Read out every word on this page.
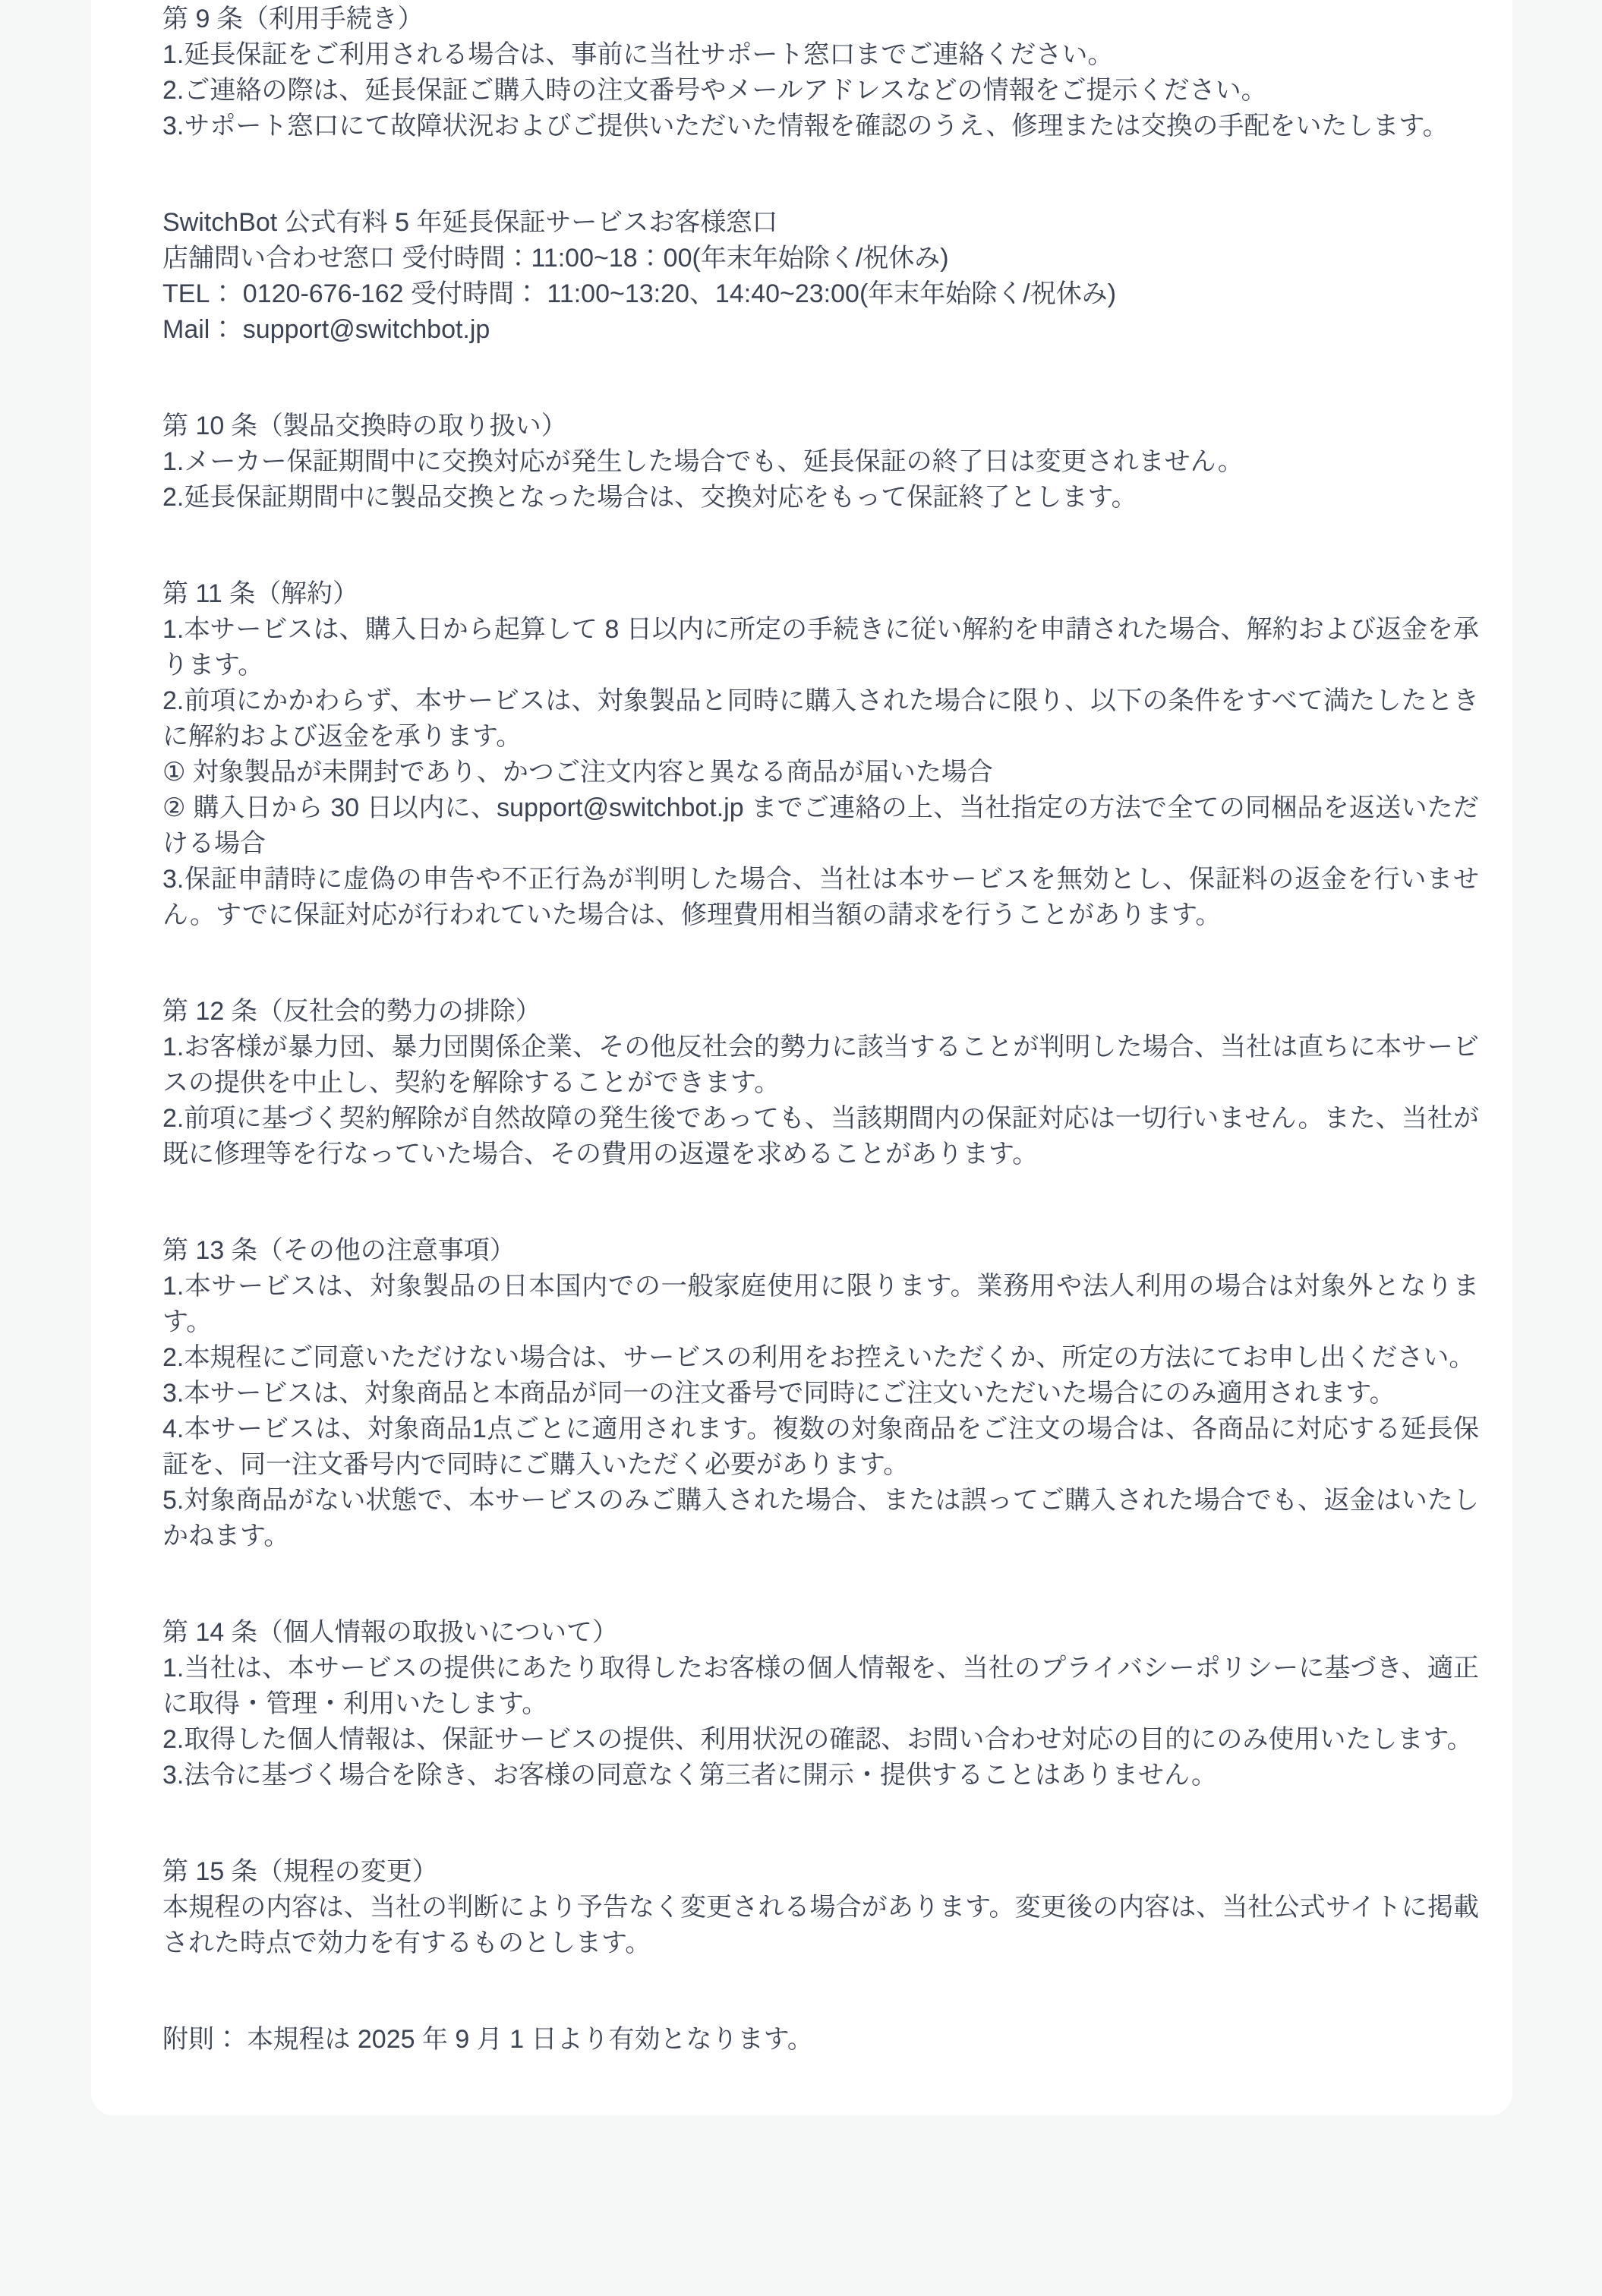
第 9 条（利用手続き）

1.延長保証をご利用される場合は、事前に当社サポート窓口までご連絡ください。

2.ご連絡の際は、延長保証ご購入時の注文番号やメールアドレスなどの情報をご提示ください。

3.サポート窓口にて故障状況およびご提供いただいた情報を確認のうえ、修理または交換の手配をいたします。

SwitchBot 公式有料 5 年延長保証サービスお客様窓口

店舗問い合わせ窓口 受付時間：11:00~18：00(年末年始除く/祝休み)

TEL： 0120-676-162 受付時間： 11:00~13:20、14:40~23:00(年末年始除く/祝休み)

Mail： support@switchbot.jp

第 10 条（製品交換時の取り扱い）

1.メーカー保証期間中に交換対応が発生した場合でも、延長保証の終了日は変更されません。

2.延長保証期間中に製品交換となった場合は、交換対応をもって保証終了とします。

第 11 条（解約）

1.本サービスは、購入日から起算して 8 日以内に所定の手続きに従い解約を申請された場合、解約および返金を承ります。

2.前項にかかわらず、本サービスは、対象製品と同時に購入された場合に限り、以下の条件をすべて満たしたときに解約および返金を承ります。

① 対象製品が未開封であり、かつご注文内容と異なる商品が届いた場合

② 購入日から 30 日以内に、support@switchbot.jp までご連絡の上、当社指定の方法で全ての同梱品を返送いただける場合

3.保証申請時に虚偽の申告や不正行為が判明した場合、当社は本サービスを無効とし、保証料の返金を行いません。すでに保証対応が行われていた場合は、修理費用相当額の請求を行うことがあります。

第 12 条（反社会的勢力の排除）

1.お客様が暴力団、暴力団関係企業、その他反社会的勢力に該当することが判明した場合、当社は直ちに本サービスの提供を中止し、契約を解除することができます。

2.前項に基づく契約解除が自然故障の発生後であっても、当該期間内の保証対応は一切行いません。また、当社が既に修理等を行なっていた場合、その費用の返還を求めることがあります。

第 13 条（その他の注意事項）

1.本サービスは、対象製品の日本国内での一般家庭使用に限ります。業務用や法人利用の場合は対象外となります。

2.本規程にご同意いただけない場合は、サービスの利用をお控えいただくか、所定の方法にてお申し出ください。

3.本サービスは、対象商品と本商品が同一の注文番号で同時にご注文いただいた場合にのみ適用されます。

4.本サービスは、対象商品1点ごとに適用されます。複数の対象商品をご注文の場合は、各商品に対応する延長保証を、同一注文番号内で同時にご購入いただく必要があります。

5.対象商品がない状態で、本サービスのみご購入された場合、または誤ってご購入された場合でも、返金はいたしかねます。

第 14 条（個人情報の取扱いについて）

1.当社は、本サービスの提供にあたり取得したお客様の個人情報を、当社のプライバシーポリシーに基づき、適正に取得・管理・利用いたします。

2.取得した個人情報は、保証サービスの提供、利用状況の確認、お問い合わせ対応の目的にのみ使用いたします。

3.法令に基づく場合を除き、お客様の同意なく第三者に開示・提供することはありません。

第 15 条（規程の変更）

本規程の内容は、当社の判断により予告なく変更される場合があります。変更後の内容は、当社公式サイトに掲載された時点で効力を有するものとします。

附則： 本規程は 2025 年 9 月 1 日より有効となります。
